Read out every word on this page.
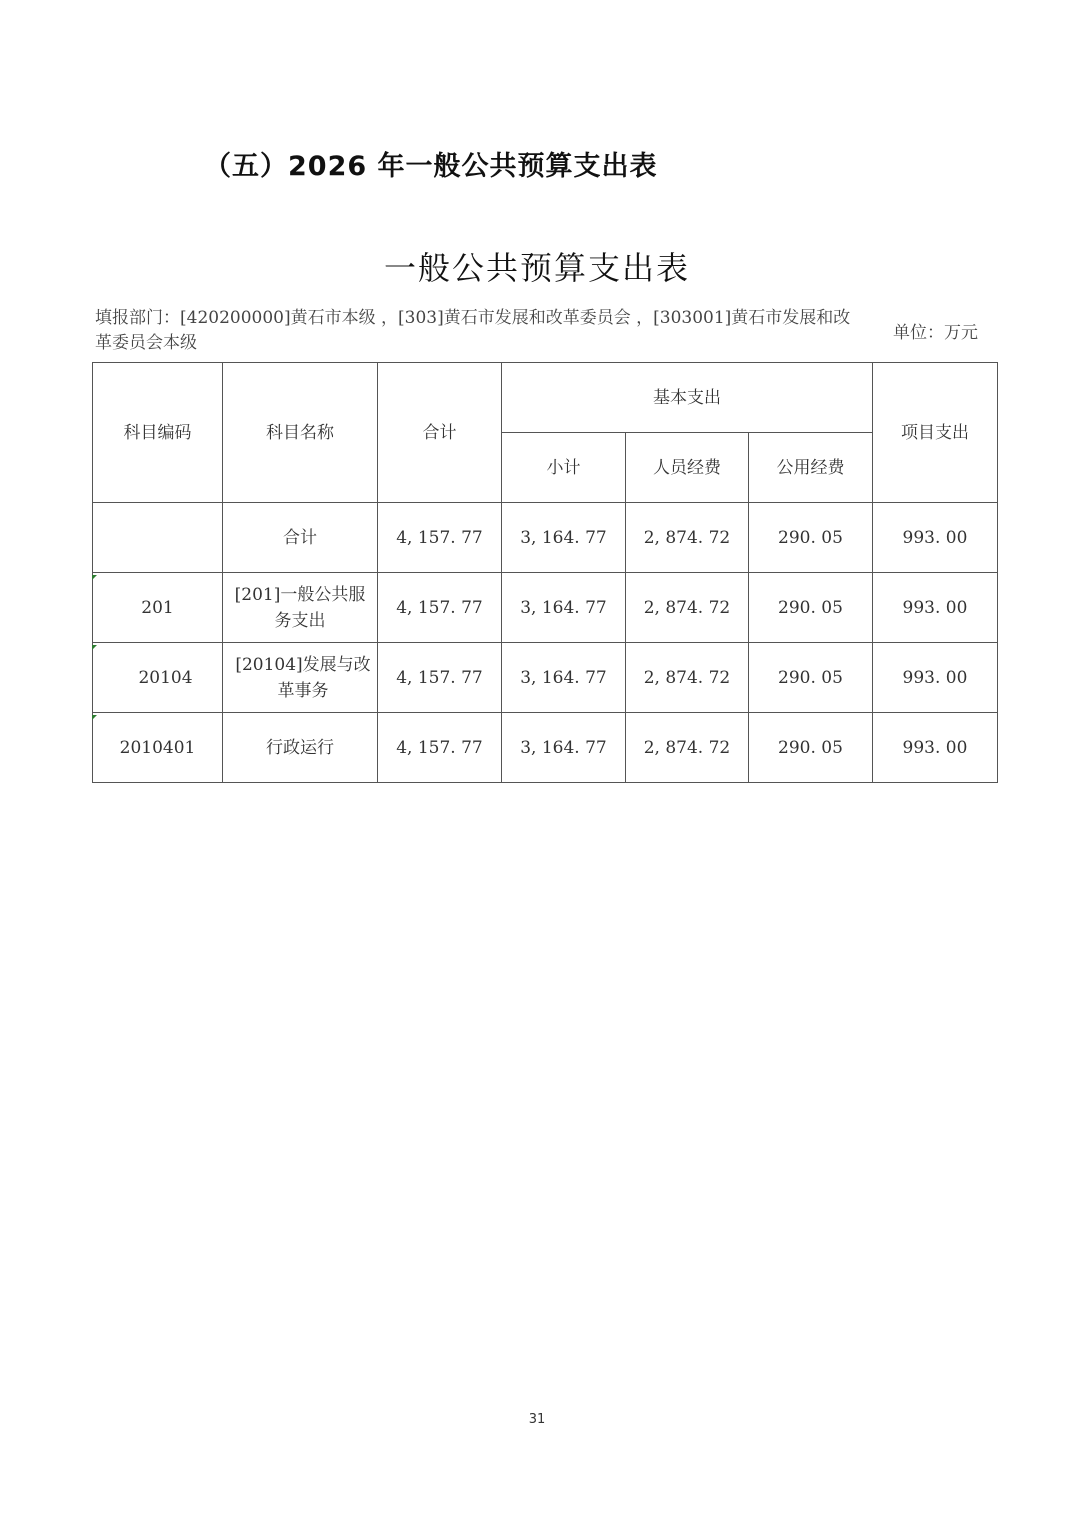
（五）2026 年一般公共预算支出表
一般公共预算支出表
填报部门：[420200000]黄石市本级 ，[303]黄石市发展和改革委员会 ，[303001]黄石市发展和改革委员会本级	单位：万元
科目编码	科目名称	合计	基本支出			项目支出
			小计	人员经费	公用经费	
	合计	4, 157. 77	3, 164. 77	2, 874. 72	290. 05	993. 00
201	[201]一般公共服务支出	4, 157. 77	3, 164. 77	2, 874. 72	290. 05	993. 00
20104	[20104]发展与改革事务	4, 157. 77	3, 164. 77	2, 874. 72	290. 05	993. 00
2010401	行政运行	4, 157. 77	3, 164. 77	2, 874. 72	290. 05	993. 00
31
